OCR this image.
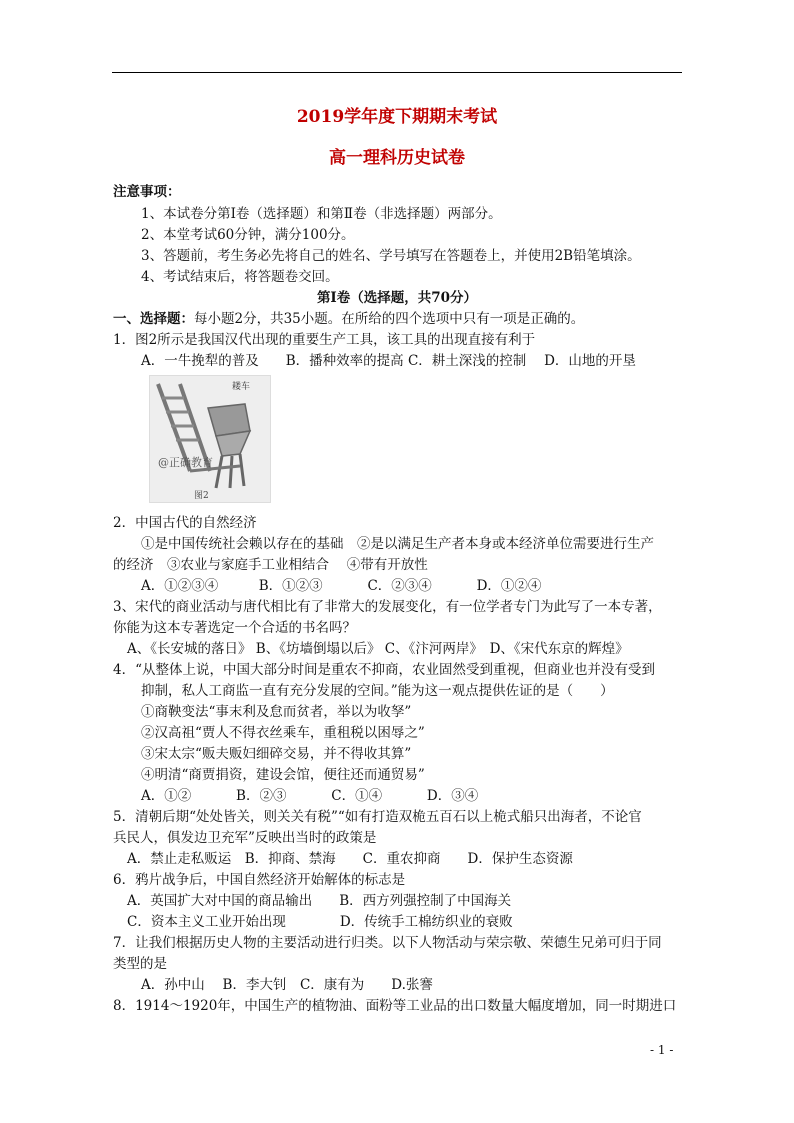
2019学年度下期期末考试
高一理科历史试卷
注意事项：
1、本试卷分第Ⅰ卷（选择题）和第Ⅱ卷（非选择题）两部分。
2、本堂考试60分钟，满分100分。
3、答题前，考生务必先将自己的姓名、学号填写在答题卷上，并使用2B铅笔填涂。
4、考试结束后，将答题卷交回。
第Ⅰ卷（选择题，共70分）
一、选择题：每小题2分，共35小题。在所给的四个选项中只有一项是正确的。
1．图2所示是我国汉代出现的重要生产工具，该工具的出现直接有利于
A．一牛挽犁的普及　　B．播种效率的提高 C．耕土深浅的控制　 D．山地的开垦
耧车
@正确教育
图2
2．中国古代的自然经济
①是中国传统社会赖以存在的基础　②是以满足生产者本身或本经济单位需要进行生产
的经济　③农业与家庭手工业相结合　 ④带有开放性
A．①②③④　　　B．①②③　　　 C．②③④　　　 D．①②④
3、宋代的商业活动与唐代相比有了非常大的发展变化，有一位学者专门为此写了一本专著，
你能为这本专著选定一个合适的书名吗？
A、《长安城的落日》 B、《坊墙倒塌以后》 C、《汴河两岸》　D、《宋代东京的辉煌》
4．“从整体上说，中国大部分时间是重农不抑商，农业固然受到重视，但商业也并没有受到
抑制，私人工商监一直有充分发展的空间。”能为这一观点提供佐证的是（　　）
①商鞅变法“事末利及怠而贫者，举以为收孥”
②汉高祖“贾人不得衣丝乘车，重租税以困辱之”
③宋太宗“贩夫贩妇细碎交易，并不得收其算”
④明清“商贾捐资，建设会馆，便往还而通贸易”
A．①②　　　 B．②③　　　 C．①④　　　 D．③④
5．清朝后期“处处皆关，则关关有税”“如有打造双桅五百石以上桅式船只出海者，不论官
兵民人，俱发边卫充军”反映出当时的政策是
A．禁止走私贩运　B．抑商、禁海　　C．重农抑商　　D．保护生态资源
6．鸦片战争后，中国自然经济开始解体的标志是
A．英国扩大对中国的商品输出　　B．西方列强控制了中国海关
C．资本主义工业开始出现　　　　D．传统手工棉纺织业的衰败
7．让我们根据历史人物的主要活动进行归类。以下人物活动与荣宗敬、荣德生兄弟可归于同
类型的是
A．孙中山　 B．李大钊　C．康有为　　D.张謇
8．1914～1920年，中国生产的植物油、面粉等工业品的出口数量大幅度增加，同一时期进口
- 1 -
